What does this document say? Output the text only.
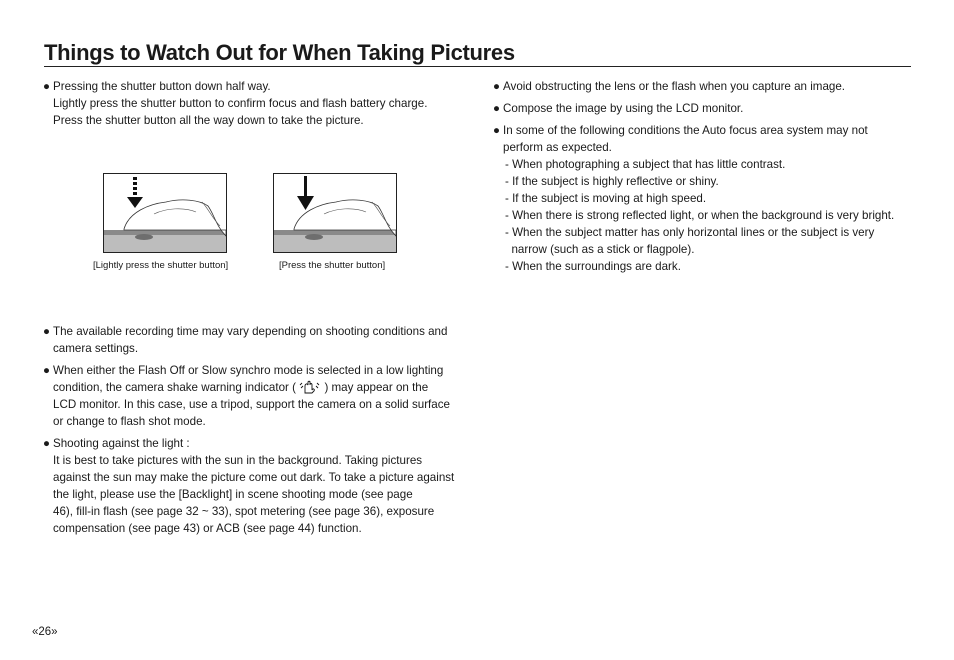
Things to Watch Out for When Taking Pictures
● Pressing the shutter button down half way.
Lightly press the shutter button to confirm focus and flash battery charge.
Press the shutter button all the way down to take the picture.
[Lightly press the shutter button]	[Press the shutter button]
● The available recording time may vary depending on shooting conditions and
camera settings.
● When either the Flash Off or Slow synchro mode is selected in a low lighting
condition, the camera shake warning indicator ( ) may appear on the
LCD monitor. In this case, use a tripod, support the camera on a solid surface
or change to flash shot mode.
● Shooting against the light :
It is best to take pictures with the sun in the background. Taking pictures
against the sun may make the picture come out dark. To take a picture against
the light, please use the [Backlight] in scene shooting mode (see page
46), fill-in flash (see page 32 ~ 33), spot metering (see page 36), exposure
compensation (see page 43) or ACB (see page 44) function.
● Avoid obstructing the lens or the flash when you capture an image.
● Compose the image by using the LCD monitor.
● In some of the following conditions the Auto focus area system may not
perform as expected.
- When photographing a subject that has little contrast.
- If the subject is highly reflective or shiny.
- If the subject is moving at high speed.
- When there is strong reflected light, or when the background is very bright.
- When the subject matter has only horizontal lines or the subject is very
narrow (such as a stick or flagpole).
- When the surroundings are dark.
«26»
